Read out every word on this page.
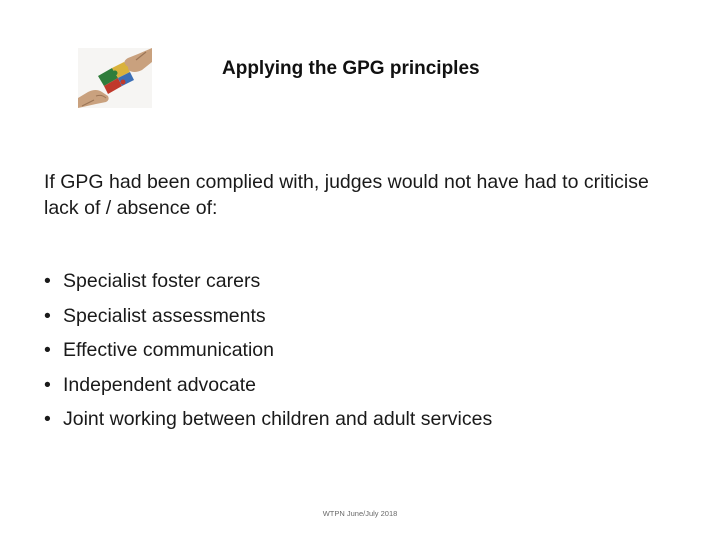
Applying the GPG principles
If GPG had been complied with, judges would not have had to criticise lack of / absence of:
• Specialist foster carers
• Specialist assessments
• Effective communication
• Independent advocate
• Joint working between children and adult services
WTPN June/July 2018
